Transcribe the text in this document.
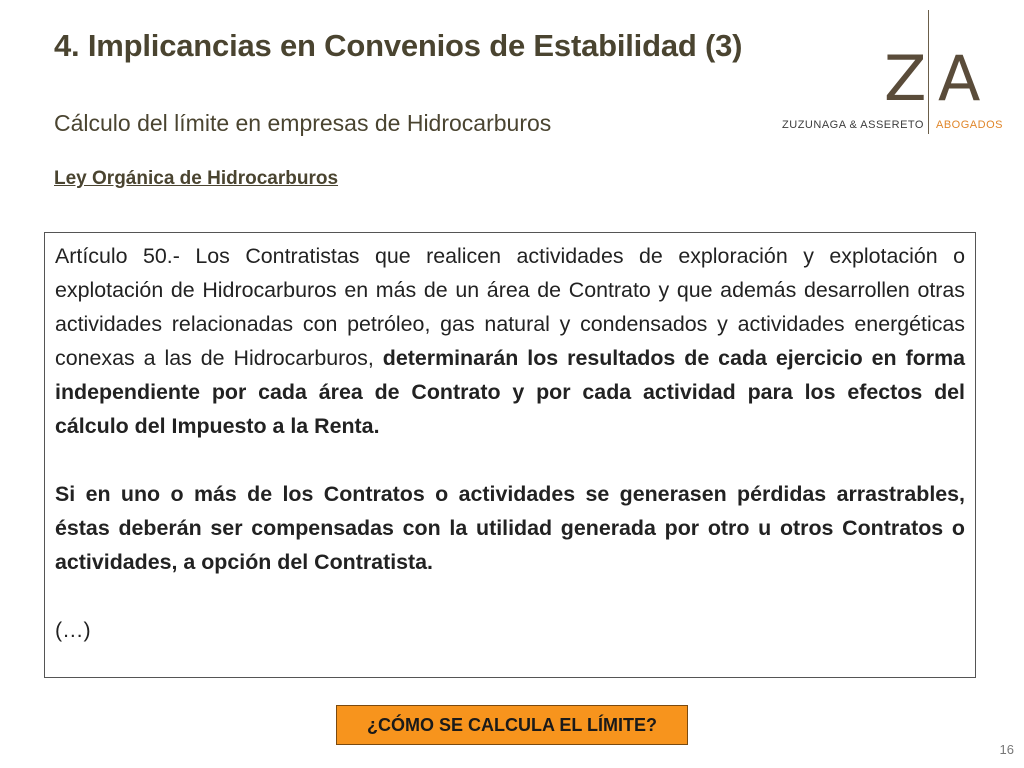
4. Implicancias en Convenios de Estabilidad (3)
Cálculo del límite en empresas de Hidrocarburos
Ley Orgánica de Hidrocarburos
Z A
ZUZUNAGA & ASSERETO ABOGADOS

Artículo 50.- Los Contratistas que realicen actividades de exploración y explotación o explotación de Hidrocarburos en más de un área de Contrato y que además desarrollen otras actividades relacionadas con petróleo, gas natural y condensados y actividades energéticas conexas a las de Hidrocarburos, determinarán los resultados de cada ejercicio en forma independiente por cada área de Contrato y por cada actividad para los efectos del cálculo del Impuesto a la Renta.

Si en uno o más de los Contratos o actividades se generasen pérdidas arrastrables, éstas deberán ser compensadas con la utilidad generada por otro u otros Contratos o actividades, a opción del Contratista.

(…)

¿CÓMO SE CALCULA EL LÍMITE?
16
